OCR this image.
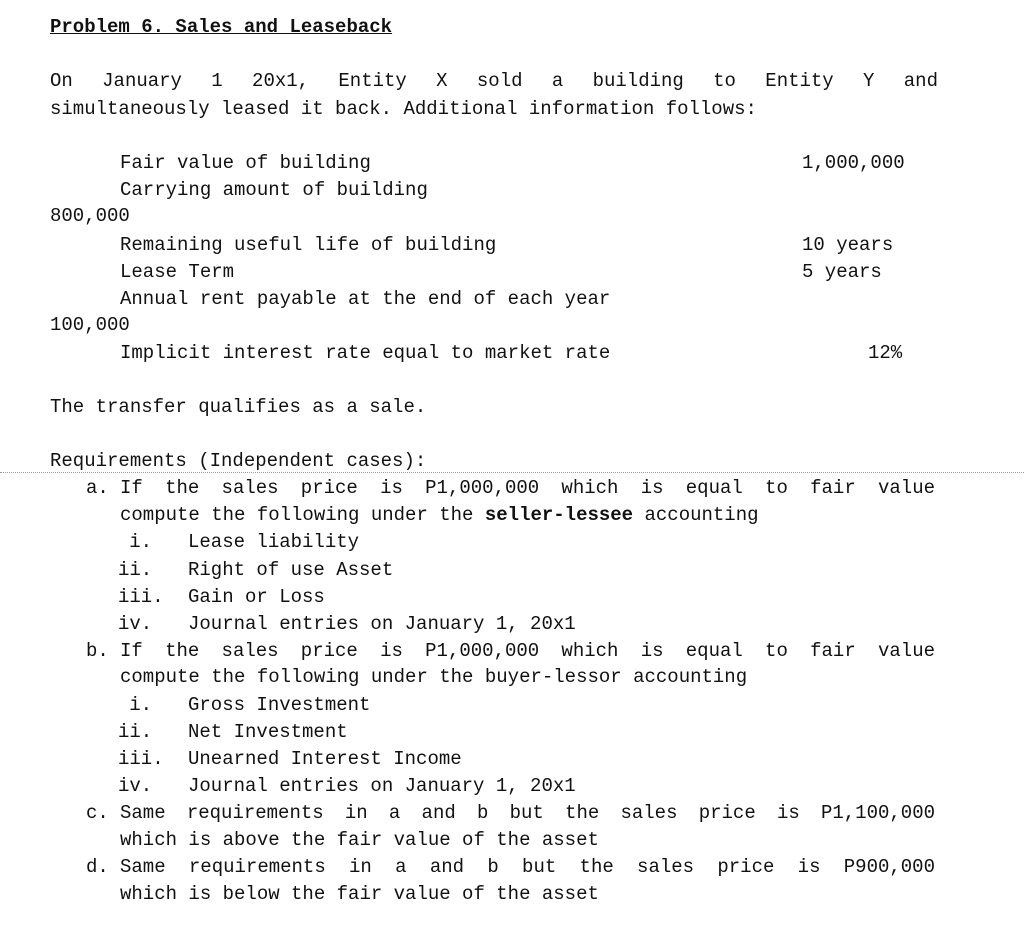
Problem 6. Sales and Leaseback
On January 1 20x1, Entity X sold a building to Entity Y and
simultaneously leased it back. Additional information follows:
Fair value of building	1,000,000
Carrying amount of building
800,000
Remaining useful life of building	10 years
Lease Term	5 years
Annual rent payable at the end of each year
100,000
Implicit interest rate equal to market rate	12%
The transfer qualifies as a sale.
Requirements (Independent cases):
a. If the sales price is P1,000,000 which is equal to fair value
compute the following under the seller-lessee accounting
i. Lease liability
ii. Right of use Asset
iii. Gain or Loss
iv. Journal entries on January 1, 20x1
b. If the sales price is P1,000,000 which is equal to fair value
compute the following under the buyer-lessor accounting
i. Gross Investment
ii. Net Investment
iii. Unearned Interest Income
iv. Journal entries on January 1, 20x1
c. Same requirements in a and b but the sales price is P1,100,000
which is above the fair value of the asset
d. Same requirements in a and b but the sales price is P900,000
which is below the fair value of the asset
